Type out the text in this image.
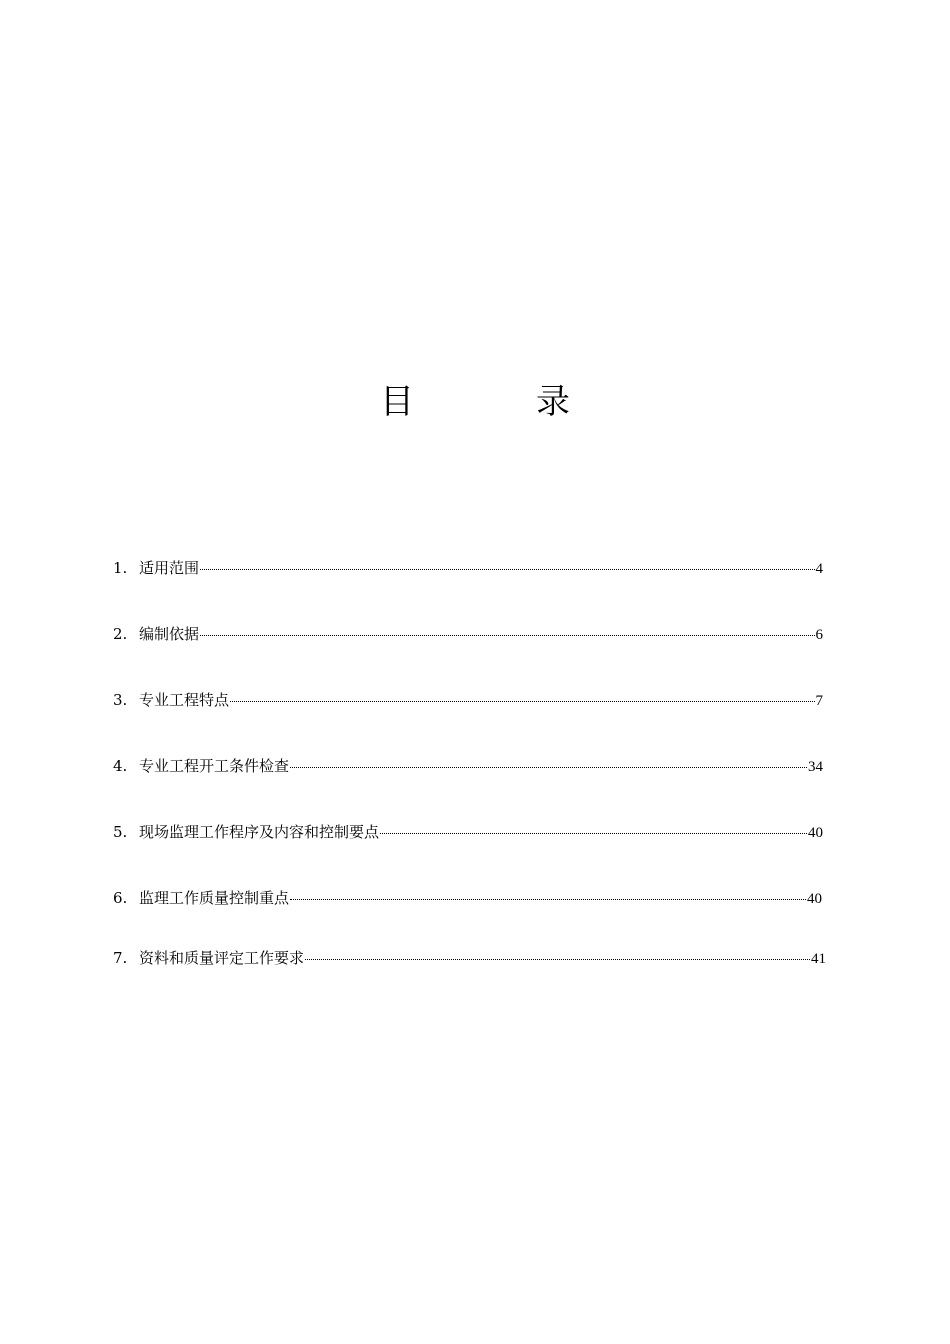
目	录
1. 适用范围	4
2. 编制依据	6
3. 专业工程特点	7
4. 专业工程开工条件检查	34
5. 现场监理工作程序及内容和控制要点	40
6. 监理工作质量控制重点	40
7. 资料和质量评定工作要求	41
